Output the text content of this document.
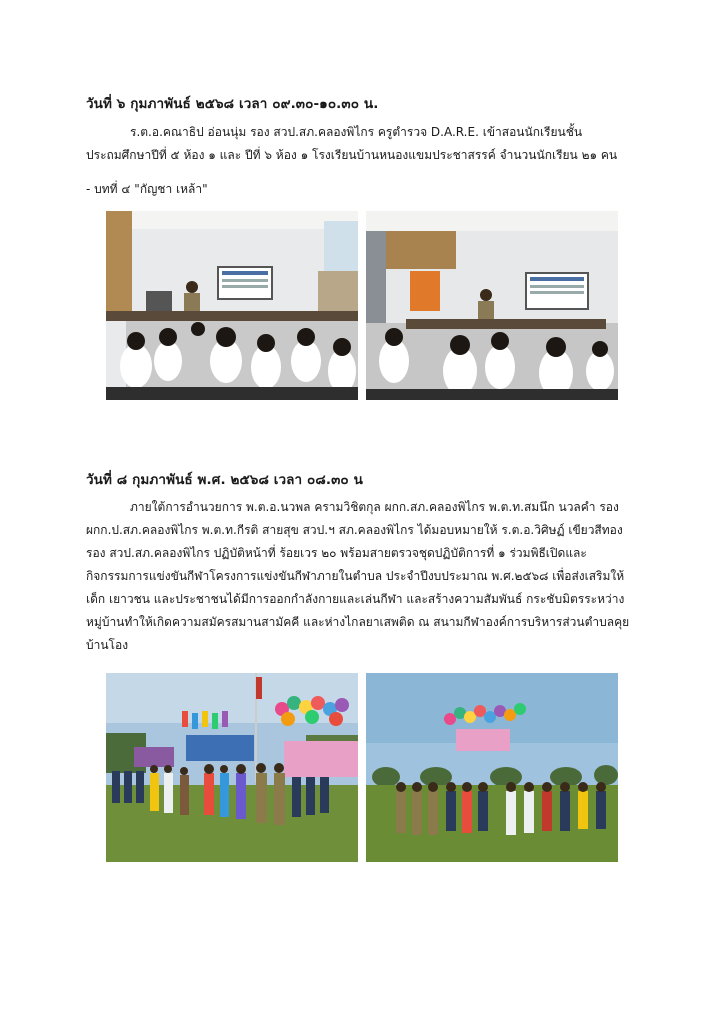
วันที่ ๖ กุมภาพันธ์ ๒๕๖๘ เวลา ๐๙.๓๐-๑๐.๓๐ น.
ร.ต.อ.คณาธิป อ่อนนุ่ม รอง สวป.สภ.คลองพิไกร ครูตำรวจ D.A.R.E. เข้าสอนนักเรียนชั้น
ประถมศึกษาปีที่ ๕ ห้อง ๑ และ ปีที่ ๖ ห้อง ๑ โรงเรียนบ้านหนองแขมประชาสรรค์ จำนวนนักเรียน ๒๑ คน
- บทที่ ๔ "กัญชา เหล้า"
วันที่ ๘ กุมภาพันธ์ พ.ศ. ๒๕๖๘ เวลา ๐๘.๓๐ น
ภายใต้การอำนวยการ พ.ต.อ.นวพล ครามวิชิตกุล ผกก.สภ.คลองพิไกร พ.ต.ท.สมนึก นวลคำ รอง
ผกก.ป.สภ.คลองพิไกร พ.ต.ท.กีรติ สายสุข สวป.ฯ สภ.คลองพิไกร ได้มอบหมายให้ ร.ต.อ.วิศิษฏ์ เขียวสีทอง
รอง สวป.สภ.คลองพิไกร ปฏิบัติหน้าที่ ร้อยเวร ๒๐ พร้อมสายตรวจชุดปฏิบัติการที่ ๑ ร่วมพิธีเปิดและ
กิจกรรมการแข่งขันกีฬาโครงการแข่งขันกีฬาภายในตำบล ประจำปีงบประมาณ พ.ศ.๒๕๖๘ เพื่อส่งเสริมให้
เด็ก เยาวชน และประชาชนได้มีการออกกำลังกายและเล่นกีฬา และสร้างความสัมพันธ์ กระชับมิตรระหว่าง
หมู่บ้านทำให้เกิดความสมัครสมานสามัคคี และห่างไกลยาเสพติด ณ สนามกีฬาองค์การบริหารส่วนตำบลคุย
บ้านโอง
